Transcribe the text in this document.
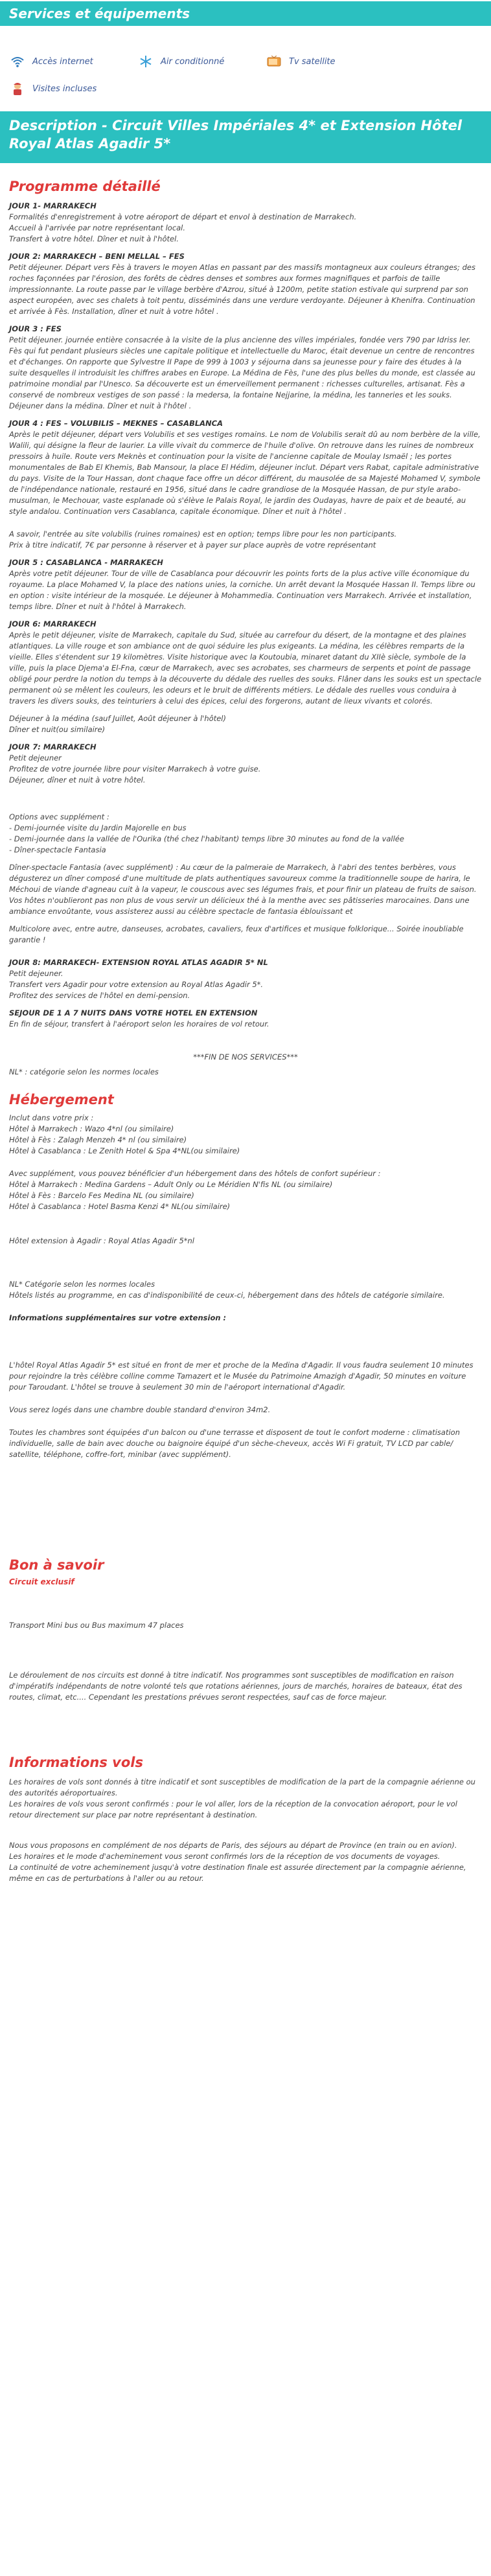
Services et équipements
Accès internet	Air conditionné	Tv satellite
Visites incluses
Description - Circuit Villes Impériales 4* et Extension Hôtel Royal Atlas Agadir 5*
Programme détaillé

JOUR 1- MARRAKECH

Formalités d'enregistrement à votre aéroport de départ et envol à destination de Marrakech.
Accueil à l'arrivée par notre représentant local.
Transfert à votre hôtel. Dîner et nuit à l'hôtel.

JOUR 2: MARRAKECH – BENI MELLAL – FES

Petit déjeuner. Départ vers Fès à travers le moyen Atlas en passant par des massifs montagneux aux couleurs étranges; des roches façonnées par l'érosion, des forêts de cèdres denses et sombres aux formes magnifiques et parfois de taille impressionnante. La route passe par le village berbère d'Azrou, situé à 1200m, petite station estivale qui surprend par son aspect européen, avec ses chalets à toit pentu, disséminés dans une verdure verdoyante. Déjeuner à Khenifra. Continuation et arrivée à Fès. Installation, dîner et nuit à votre hôtel .

JOUR 3 : FES

Petit déjeuner. journée entière consacrée à la visite de la plus ancienne des villes impériales, fondée vers 790 par Idriss Ier. Fès qui fut pendant plusieurs siècles une capitale politique et intellectuelle du Maroc, était devenue un centre de rencontres et d'échanges. On rapporte que Sylvestre II Pape de 999 à 1003 y séjourna dans sa jeunesse pour y faire des études à la suite desquelles il introduisit les chiffres arabes en Europe. La Médina de Fès, l'une des plus belles du monde, est classée au patrimoine mondial par l'Unesco. Sa découverte est un émerveillement permanent : richesses culturelles, artisanat. Fès a conservé de nombreux vestiges de son passé : la medersa, la fontaine Nejjarine, la médina, les tanneries et les souks. Déjeuner dans la médina. Dîner et nuit à l'hôtel .

JOUR 4 : FES – VOLUBILIS – MEKNES – CASABLANCA

Après le petit déjeuner, départ vers Volubilis et ses vestiges romains. Le nom de Volubilis serait dû au nom berbère de la ville, Walili, qui désigne la fleur de laurier. La ville vivait du commerce de l'huile d'olive. On retrouve dans les ruines de nombreux pressoirs à huile. Route vers Meknès et continuation pour la visite de l'ancienne capitale de Moulay Ismaël ; les portes monumentales de Bab El Khemis, Bab Mansour, la place El Hédim, déjeuner inclut. Départ vers Rabat, capitale administrative du pays. Visite de la Tour Hassan, dont chaque face offre un décor différent, du mausolée de sa Majesté Mohamed V, symbole de l'indépendance nationale, restauré en 1956, situé dans le cadre grandiose de la Mosquée Hassan, de pur style arabo-musulman, le Mechouar, vaste esplanade où s'élève le Palais Royal, le jardin des Oudayas, havre de paix et de beauté, au style andalou. Continuation vers Casablanca, capitale économique. Dîner et nuit à l'hôtel .

A savoir, l'entrée au site volubilis (ruines romaines) est en option; temps libre pour les non participants.
Prix à titre indicatif, 7€ par personne à réserver et à payer sur place auprès de votre représentant

JOUR 5 : CASABLANCA - MARRAKECH

Après votre petit déjeuner. Tour de ville de Casablanca pour découvrir les points forts de la plus active ville économique du royaume. La place Mohamed V, la place des nations unies, la corniche. Un arrêt devant la Mosquée Hassan II. Temps libre ou en option : visite intérieur de la mosquée. Le déjeuner à Mohammedia. Continuation vers Marrakech. Arrivée et installation, temps libre. Dîner et nuit à l'hôtel à Marrakech.

JOUR 6: MARRAKECH

Après le petit déjeuner, visite de Marrakech, capitale du Sud, située au carrefour du désert, de la montagne et des plaines atlantiques. La ville rouge et son ambiance ont de quoi séduire les plus exigeants. La médina, les célèbres remparts de la vieille. Elles s'étendent sur 19 kilomètres. Visite historique avec la Koutoubia, minaret datant du XIIè siècle, symbole de la ville, puis la place Djema'a El-Fna, cœur de Marrakech, avec ses acrobates, ses charmeurs de serpents et point de passage obligé pour perdre la notion du temps à la découverte du dédale des ruelles des souks. Flâner dans les souks est un spectacle permanent où se mêlent les couleurs, les odeurs et le bruit de différents métiers. Le dédale des ruelles vous conduira à travers les divers souks, des teinturiers à celui des épices, celui des forgerons, autant de lieux vivants et colorés.

Déjeuner à la médina (sauf Juillet, Août déjeuner à l'hôtel)
Dîner et nuit(ou similaire)

JOUR 7: MARRAKECH

Petit dejeuner
Profitez de votre journée libre pour visiter Marrakech à votre guise.
Déjeuner, dîner et nuit à votre hôtel.

Options avec supplément :
- Demi-journée visite du Jardin Majorelle en bus
- Demi-journée dans la vallée de l'Ourika (thé chez l'habitant) temps libre 30 minutes au fond de la vallée
- Dîner-spectacle Fantasia

Dîner-spectacle Fantasia (avec supplément) : Au cœur de la palmeraie de Marrakech, à l'abri des tentes berbères, vous dégusterez un dîner composé d'une multitude de plats authentiques savoureux comme la traditionnelle soupe de harira, le Méchoui de viande d'agneau cuit à la vapeur, le couscous avec ses légumes frais, et pour finir un plateau de fruits de saison. Vos hôtes n'oublieront pas non plus de vous servir un délicieux thé à la menthe avec ses pâtisseries marocaines. Dans une ambiance envoûtante, vous assisterez aussi au célèbre spectacle de fantasia éblouissant et

Multicolore avec, entre autre, danseuses, acrobates, cavaliers, feux d'artifices et musique folklorique... Soirée inoubliable garantie !

JOUR 8: MARRAKECH- EXTENSION ROYAL ATLAS AGADIR 5* NL

Petit dejeuner.
Transfert vers Agadir pour votre extension au Royal Atlas Agadir 5*.
Profitez des services de l'hôtel en demi-pension.

SEJOUR DE 1 A 7 NUITS DANS VOTRE HOTEL EN EXTENSION

En fin de séjour, transfert à l'aéroport selon les horaires de vol retour.

***FIN DE NOS SERVICES***

NL* : catégorie selon les normes locales

Hébergement

Inclut dans votre prix :
Hôtel à Marrakech : Wazo 4*nl (ou similaire)
Hôtel à Fès : Zalagh Menzeh 4* nl (ou similaire)
Hôtel à Casablanca : Le Zenith Hotel & Spa 4*NL(ou similaire)

Avec supplément, vous pouvez bénéficier d'un hébergement dans des hôtels de confort supérieur :
Hôtel à Marrakech : Medina Gardens – Adult Only ou Le Méridien N'fis NL (ou similaire)
Hôtel à Fès : Barcelo Fes Medina NL (ou similaire)
Hôtel à Casablanca : Hotel Basma Kenzi 4* NL(ou similaire)

Hôtel extension à Agadir : Royal Atlas Agadir 5*nl

NL* Catégorie selon les normes locales
Hôtels listés au programme, en cas d'indisponibilité de ceux-ci, hébergement dans des hôtels de catégorie similaire.

Informations supplémentaires sur votre extension :

L'hôtel Royal Atlas Agadir 5* est situé en front de mer et proche de la Medina d'Agadir. Il vous faudra seulement 10 minutes pour rejoindre la très célèbre colline comme Tamazert et le Musée du Patrimoine Amazigh d'Agadir, 50 minutes en voiture pour Taroudant. L'hôtel se trouve à seulement 30 min de l'aéroport international d'Agadir.

Vous serez logés dans une chambre double standard d'environ 34m2.

Toutes les chambres sont équipées d'un balcon ou d'une terrasse et disposent de tout le confort moderne : climatisation individuelle, salle de bain avec douche ou baignoire équipé d'un sèche-cheveux, accès Wi Fi gratuit, TV LCD par cable/ satellite, téléphone, coffre-fort, minibar (avec supplément).

Bon à savoir

Circuit exclusif

Transport Mini bus ou Bus maximum 47 places

Le déroulement de nos circuits est donné à titre indicatif. Nos programmes sont susceptibles de modification en raison d'impératifs indépendants de notre volonté tels que rotations aériennes, jours de marchés, horaires de bateaux, état des routes, climat, etc.... Cependant les prestations prévues seront respectées, sauf cas de force majeur.

Informations vols

Les horaires de vols sont donnés à titre indicatif et sont susceptibles de modification de la part de la compagnie aérienne ou des autorités aéroportuaires.
Les horaires de vols vous seront confirmés : pour le vol aller, lors de la réception de la convocation aéroport, pour le vol retour directement sur place par notre représentant à destination.

Nous vous proposons en complément de nos départs de Paris, des séjours au départ de Province (en train ou en avion).
Les horaires et le mode d'acheminement vous seront confirmés lors de la réception de vos documents de voyages.
La continuité de votre acheminement jusqu'à votre destination finale est assurée directement par la compagnie aérienne, même en cas de perturbations à l'aller ou au retour.
